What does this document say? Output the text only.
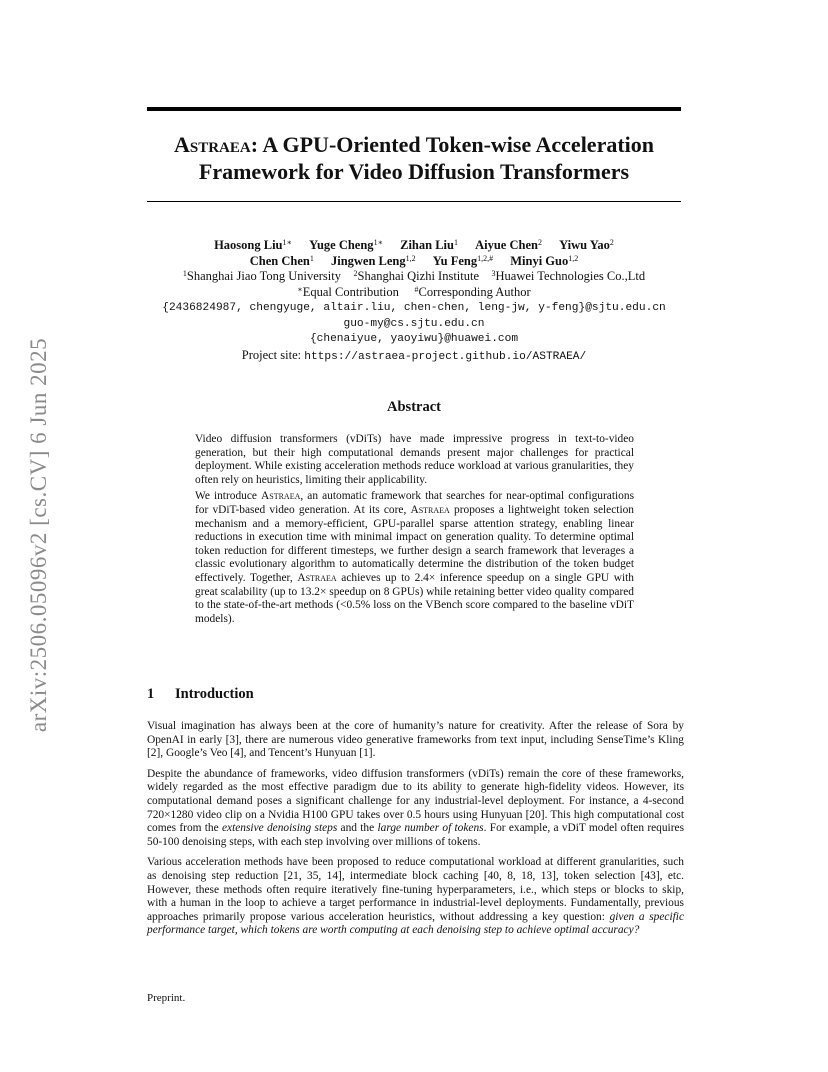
arXiv:2506.05096v2 [cs.CV] 6 Jun 2025
Astraea: A GPU-Oriented Token-wise Acceleration
Framework for Video Diffusion Transformers
Haosong Liu$^{1∗}$ Yuge Cheng$^{1∗}$ Zihan Liu$^1$ Aiyue Chen$^2$ Yiwu Yao$^2$
Chen Chen$^1$ Jingwen Leng$^{1,2}$ Yu Feng$^{1,2,\#}$ Minyi Guo$^{1,2}$
$^1$Shanghai Jiao Tong University $^2$Shanghai Qizhi Institute $^3$Huawei Technologies Co.,Ltd
∗Equal Contribution #Corresponding Author
{2436824987, chengyuge, altair.liu, chen-chen, leng-jw, y-feng}@sjtu.edu.cn
guo-my@cs.sjtu.edu.cn
{chenaiyue, yaoyiwu}@huawei.com
Project site: https://astraea-project.github.io/ASTRAEA/
Abstract

Video diffusion transformers (vDiTs) have made impressive progress in text-to-video generation, but their high computational demands present major challenges for practical deployment. While existing acceleration methods reduce workload at various granularities, they often rely on heuristics, limiting their applicability.

We introduce Astraea, an automatic framework that searches for near-optimal configurations for vDiT-based video generation. At its core, Astraea proposes a lightweight token selection mechanism and a memory-efficient, GPU-parallel sparse attention strategy, enabling linear reductions in execution time with minimal impact on generation quality. To determine optimal token reduction for different timesteps, we further design a search framework that leverages a classic evolutionary algorithm to automatically determine the distribution of the token budget effectively. Together, Astraea achieves up to 2.4× inference speedup on a single GPU with great scalability (up to 13.2× speedup on 8 GPUs) while retaining better video quality compared to the state-of-the-art methods (<0.5% loss on the VBench score compared to the baseline vDiT models).

1 Introduction

Visual imagination has always been at the core of humanity’s nature for creativity. After the release of Sora by OpenAI in early [3], there are numerous video generative frameworks from text input, including SenseTime’s Kling [2], Google’s Veo [4], and Tencent’s Hunyuan [1].

Despite the abundance of frameworks, video diffusion transformers (vDiTs) remain the core of these frameworks, widely regarded as the most effective paradigm due to its ability to generate high-fidelity videos. However, its computational demand poses a significant challenge for any industrial-level deployment. For instance, a 4-second 720×1280 video clip on a Nvidia H100 GPU takes over 0.5 hours using Hunyuan [20]. This high computational cost comes from the extensive denoising steps and the large number of tokens. For example, a vDiT model often requires 50-100 denoising steps, with each step involving over millions of tokens.

Various acceleration methods have been proposed to reduce computational workload at different granularities, such as denoising step reduction [21, 35, 14], intermediate block caching [40, 8, 18, 13], token selection [43], etc. However, these methods often require iteratively fine-tuning hyperparameters, i.e., which steps or blocks to skip, with a human in the loop to achieve a target performance in industrial-level deployments. Fundamentally, previous approaches primarily propose various acceleration heuristics, without addressing a key question: given a specific performance target, which tokens are worth computing at each denoising step to achieve optimal accuracy?

Preprint.
